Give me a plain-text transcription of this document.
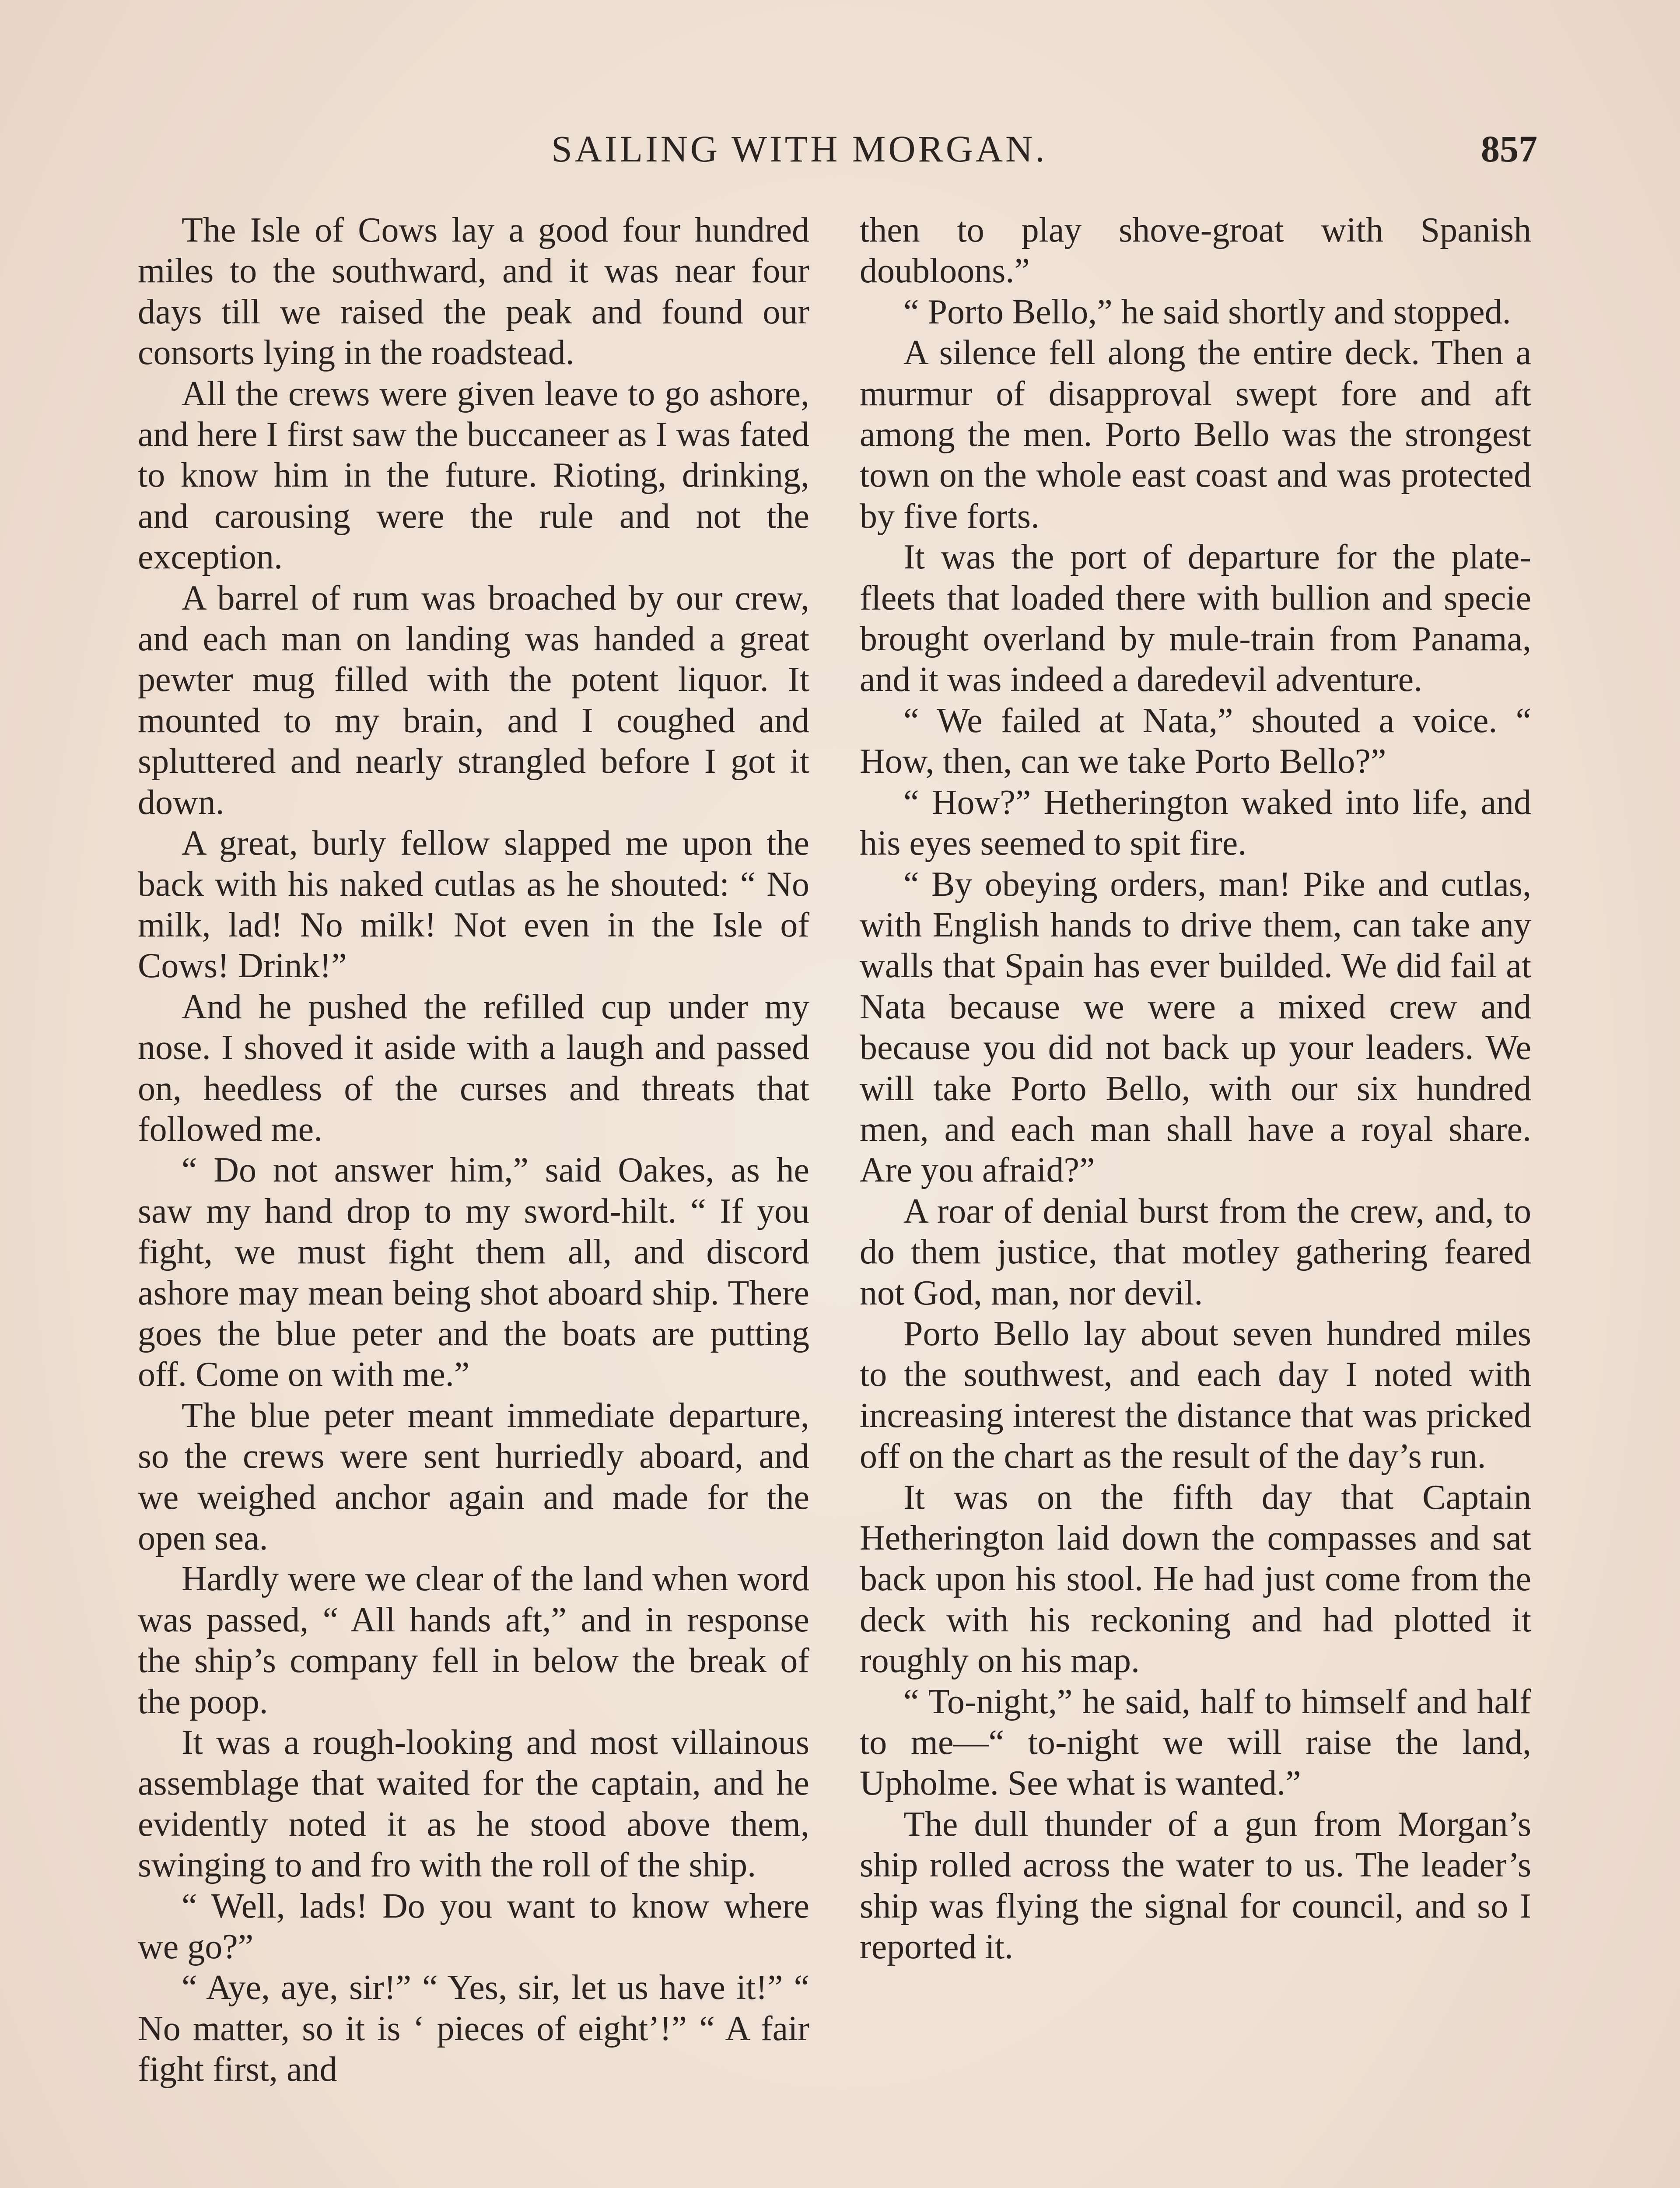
SAILING WITH MORGAN.	857

The Isle of Cows lay a good four hundred miles to the southward, and it was near four days till we raised the peak and found our consorts lying in the roadstead.

All the crews were given leave to go ashore, and here I first saw the buccaneer as I was fated to know him in the future. Rioting, drinking, and carousing were the rule and not the exception.

A barrel of rum was broached by our crew, and each man on landing was handed a great pewter mug filled with the potent liquor. It mounted to my brain, and I coughed and spluttered and nearly strangled before I got it down.

A great, burly fellow slapped me upon the back with his naked cutlas as he shouted: “ No milk, lad! No milk! Not even in the Isle of Cows! Drink!”

And he pushed the refilled cup under my nose. I shoved it aside with a laugh and passed on, heedless of the curses and threats that followed me.

“ Do not answer him,” said Oakes, as he saw my hand drop to my sword-hilt. “ If you fight, we must fight them all, and discord ashore may mean being shot aboard ship. There goes the blue peter and the boats are putting off. Come on with me.”

The blue peter meant immediate departure, so the crews were sent hurriedly aboard, and we weighed anchor again and made for the open sea.

Hardly were we clear of the land when word was passed, “ All hands aft,” and in response the ship’s company fell in below the break of the poop.

It was a rough-looking and most villainous assemblage that waited for the captain, and he evidently noted it as he stood above them, swinging to and fro with the roll of the ship.

“ Well, lads! Do you want to know where we go?”

“ Aye, aye, sir!” “ Yes, sir, let us have it!” “ No matter, so it is ‘ pieces of eight’!” “ A fair fight first, and

then to play shove-groat with Spanish doubloons.”

“ Porto Bello,” he said shortly and stopped.

A silence fell along the entire deck. Then a murmur of disapproval swept fore and aft among the men. Porto Bello was the strongest town on the whole east coast and was protected by five forts.

It was the port of departure for the plate-fleets that loaded there with bullion and specie brought overland by mule-train from Panama, and it was indeed a daredevil adventure.

“ We failed at Nata,” shouted a voice. “ How, then, can we take Porto Bello?”

“ How?” Hetherington waked into life, and his eyes seemed to spit fire.

“ By obeying orders, man! Pike and cutlas, with English hands to drive them, can take any walls that Spain has ever builded. We did fail at Nata because we were a mixed crew and because you did not back up your leaders. We will take Porto Bello, with our six hundred men, and each man shall have a royal share. Are you afraid?”

A roar of denial burst from the crew, and, to do them justice, that motley gathering feared not God, man, nor devil.

Porto Bello lay about seven hundred miles to the southwest, and each day I noted with increasing interest the distance that was pricked off on the chart as the result of the day’s run.

It was on the fifth day that Captain Hetherington laid down the compasses and sat back upon his stool. He had just come from the deck with his reckoning and had plotted it roughly on his map.

“ To-night,” he said, half to himself and half to me—“ to-night we will raise the land, Upholme. See what is wanted.”

The dull thunder of a gun from Morgan’s ship rolled across the water to us. The leader’s ship was flying the signal for council, and so I reported it.
